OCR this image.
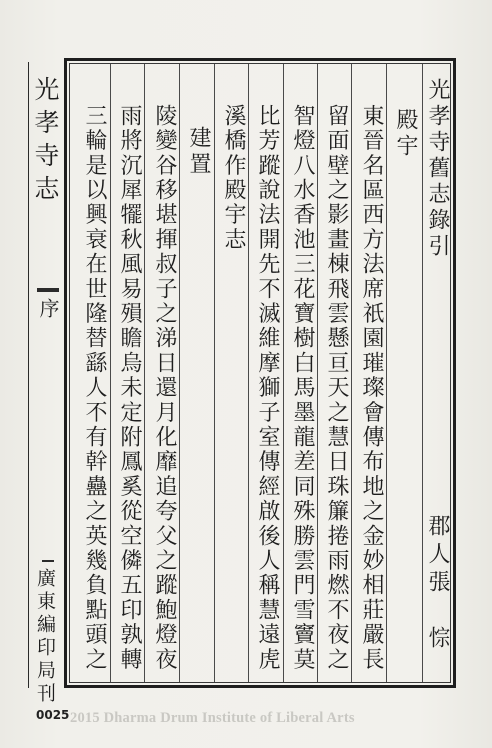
光孝寺志
序
廣東編印局刊
光孝寺舊志錄引
郡人張　悰
殿宇
東晉名區西方法席祇園璀璨會傳布地之金妙相莊嚴長
留面壁之影畫棟飛雲懸亘天之慧日珠簾捲雨燃不夜之
智燈八水香池三花寶樹白馬墨龍差同殊勝雲門雪竇莫
比芳蹤說法開先不滅維摩獅子室傳經啟後人稱慧遠虎
溪橋作殿宇志
建置
陵變谷移堪揮叔子之涕日還月化靡追夸父之蹤鮑燈夜
雨將沉犀犤秋風易殞瞻烏未定附鳳奚從空僯五印孰轉
三輪是以興衰在世隆替繇人不有幹蠱之英幾負點頭之
0025 2015 Dharma Drum Institute of Liberal Arts
